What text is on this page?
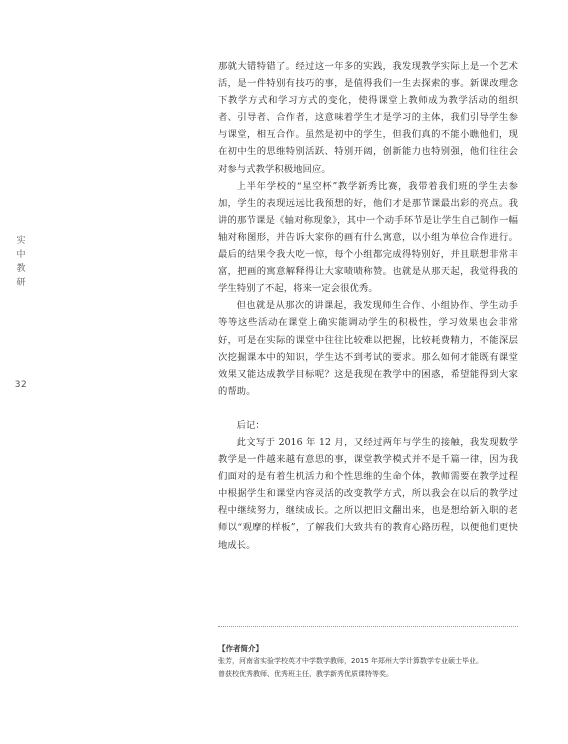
实
中
教
研
32

那就大错特错了。经过这一年多的实践，我发现教学实际上是一个艺术活，是一件特别有技巧的事，是值得我们一生去探索的事。新课改理念下教学方式和学习方式的变化，使得课堂上教师成为教学活动的组织者、引导者、合作者，这意味着学生才是学习的主体，我们引导学生参与课堂，相互合作。虽然是初中的学生，但我们真的不能小瞧他们，现在初中生的思维特别活跃、特别开阔，创新能力也特别强，他们往往会对参与式教学积极地回应。

上半年学校的“星空杯”教学新秀比赛，我带着我们班的学生去参加，学生的表现远远比我预想的好，他们才是那节课最出彩的亮点。我讲的那节课是《轴对称现象》，其中一个动手环节是让学生自己制作一幅轴对称图形，并告诉大家你的画有什么寓意，以小组为单位合作进行。最后的结果令我大吃一惊，每个小组都完成得特别好，并且联想非常丰富，把画的寓意解释得让大家啧啧称赞。也就是从那天起，我觉得我的学生特别了不起，将来一定会很优秀。

但也就是从那次的讲课起，我发现师生合作、小组协作、学生动手等等这些活动在课堂上确实能调动学生的积极性，学习效果也会非常好，可是在实际的课堂中往往比较难以把握，比较耗费精力，不能深层次挖掘课本中的知识，学生达不到考试的要求。那么如何才能既有课堂效果又能达成教学目标呢？这是我现在教学中的困惑，希望能得到大家的帮助。

后记：

此文写于 2016 年 12 月，又经过两年与学生的接触，我发现数学教学是一件越来越有意思的事，课堂教学模式并不是千篇一律，因为我们面对的是有着生机活力和个性思维的生命个体，教师需要在教学过程中根据学生和课堂内容灵活的改变教学方式，所以我会在以后的教学过程中继续努力，继续成长。之所以把旧文翻出来，也是想给新入职的老师以“观摩的样板”，了解我们大致共有的教育心路历程，以便他们更快地成长。

【作者简介】

张芳，河南省实验学校英才中学数学教师，2015 年郑州大学计算数学专业硕士毕业。

曾获校优秀教师、优秀班主任、教学新秀优质课特等奖。
